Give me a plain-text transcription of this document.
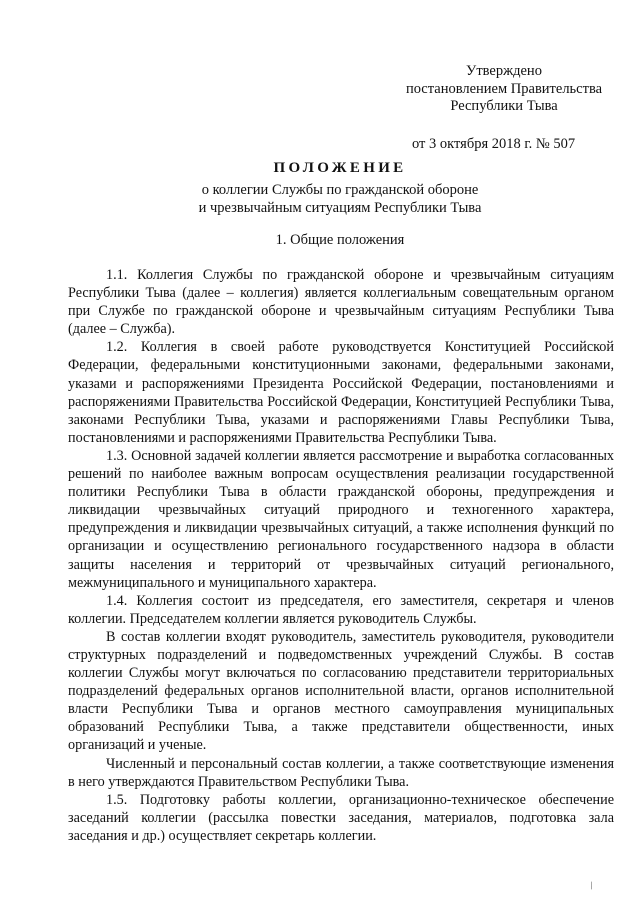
Утверждено
постановлением Правительства
Республики Тыва
от 3 октября 2018 г. № 507
ПОЛОЖЕНИЕ
о коллегии Службы по гражданской обороне
и чрезвычайным ситуациям Республики Тыва
1. Общие положения

1.1. Коллегия Службы по гражданской обороне и чрезвычайным ситуациям Республики Тыва (далее – коллегия) является коллегиальным совещательным органом при Службе по гражданской обороне и чрезвычайным ситуациям Республики Тыва (далее – Служба).

1.2. Коллегия в своей работе руководствуется Конституцией Российской Федерации, федеральными конституционными законами, федеральными законами, указами и распоряжениями Президента Российской Федерации, постановлениями и распоряжениями Правительства Российской Федерации, Конституцией Республики Тыва, законами Республики Тыва, указами и распоряжениями Главы Республики Тыва, постановлениями и распоряжениями Правительства Республики Тыва.

1.3. Основной задачей коллегии является рассмотрение и выработка согласованных решений по наиболее важным вопросам осуществления реализации государственной политики Республики Тыва в области гражданской обороны, предупреждения и ликвидации чрезвычайных ситуаций природного и техногенного характера, предупреждения и ликвидации чрезвычайных ситуаций, а также исполнения функций по организации и осуществлению регионального государственного надзора в области защиты населения и территорий от чрезвычайных ситуаций регионального, межмуниципального и муниципального характера.

1.4. Коллегия состоит из председателя, его заместителя, секретаря и членов коллегии. Председателем коллегии является руководитель Службы.

В состав коллегии входят руководитель, заместитель руководителя, руководители структурных подразделений и подведомственных учреждений Службы. В состав коллегии Службы могут включаться по согласованию представители территориальных подразделений федеральных органов исполнительной власти, органов исполнительной власти Республики Тыва и органов местного самоуправления муниципальных образований Республики Тыва, а также представители общественности, иных организаций и ученые.

Численный и персональный состав коллегии, а также соответствующие изменения в него утверждаются Правительством Республики Тыва.

1.5. Подготовку работы коллегии, организационно-техническое обеспечение заседаний коллегии (рассылка повестки заседания, материалов, подготовка зала заседания и др.) осуществляет секретарь коллегии.

/
